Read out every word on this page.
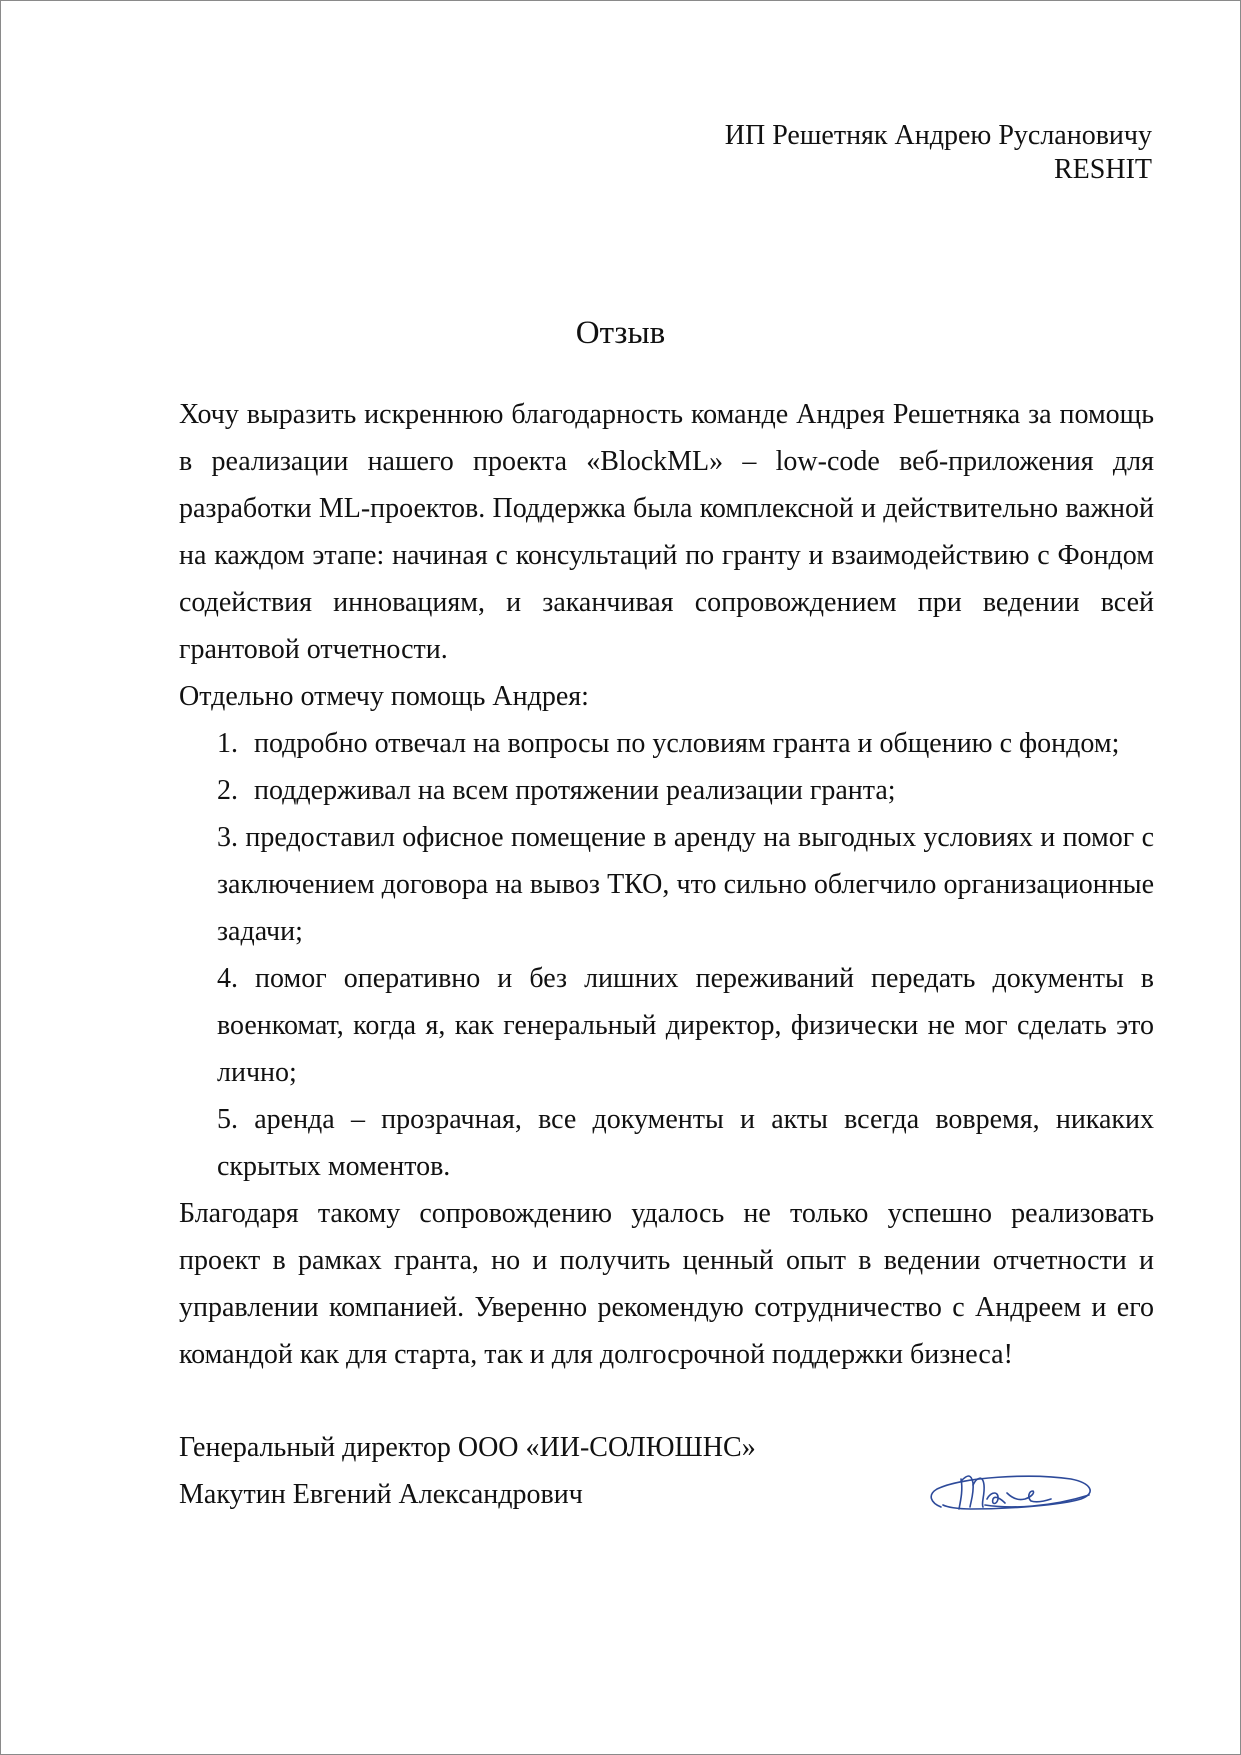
ИП Решетняк Андрею Руслановичу
RESHIT
Отзыв

Хочу выразить искреннюю благодарность команде Андрея Решетняка за помощь в реализации нашего проекта «BlockML» – low-code веб-приложения для разработки ML-проектов. Поддержка была комплексной и действительно важной на каждом этапе: начиная с консультаций по гранту и взаимодействию с Фондом содействия инновациям, и заканчивая сопровождением при ведении всей грантовой отчетности.

Отдельно отмечу помощь Андрея:

1. подробно отвечал на вопросы по условиям гранта и общению с фондом;
2. поддерживал на всем протяжении реализации гранта;
3. предоставил офисное помещение в аренду на выгодных условиях и помог с заключением договора на вывоз ТКО, что сильно облегчило организационные задачи;
4. помог оперативно и без лишних переживаний передать документы в военкомат, когда я, как генеральный директор, физически не мог сделать это лично;
5. аренда – прозрачная, все документы и акты всегда вовремя, никаких скрытых моментов.

Благодаря такому сопровождению удалось не только успешно реализовать проект в рамках гранта, но и получить ценный опыт в ведении отчетности и управлении компанией. Уверенно рекомендую сотрудничество с Андреем и его командой как для старта, так и для долгосрочной поддержки бизнеса!

Генеральный директор ООО «ИИ-СОЛЮШНС»
Макутин Евгений Александрович
